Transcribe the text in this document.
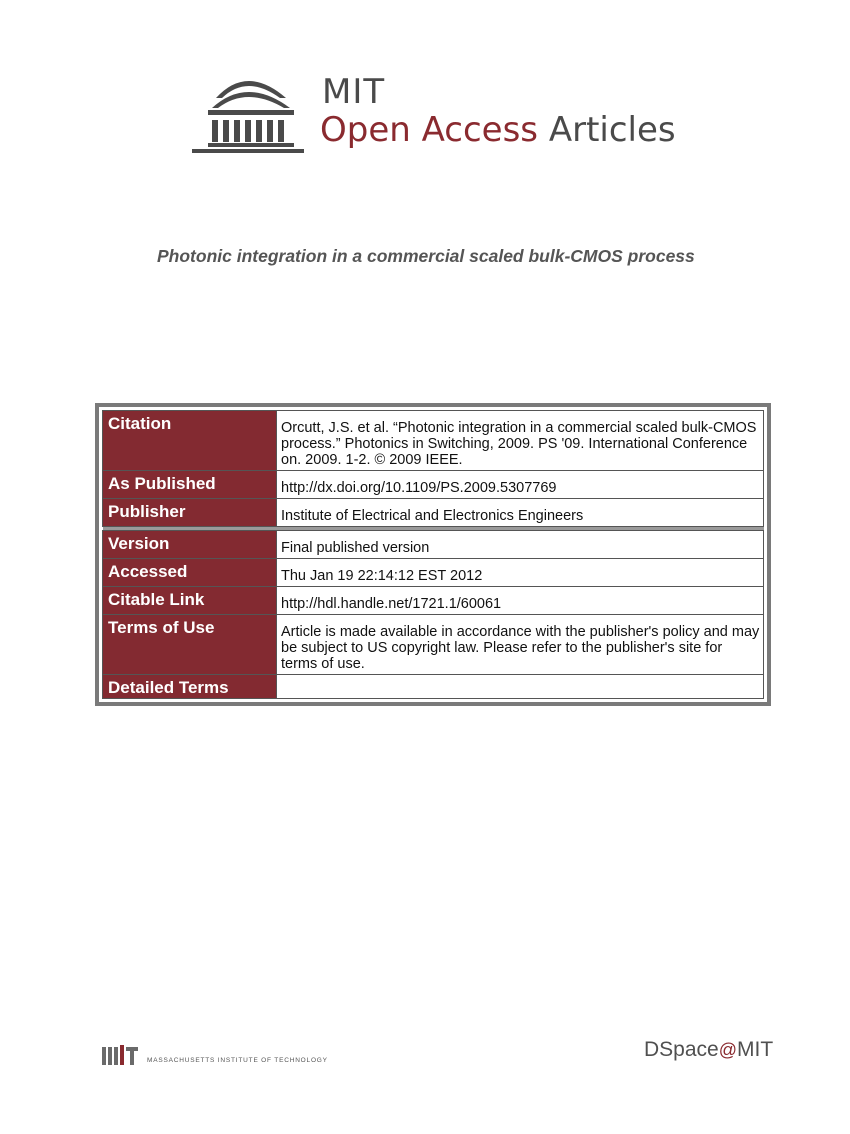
MIT
Open Access Articles
Photonic integration in a commercial scaled bulk-CMOS process
Citation	Orcutt, J.S. et al. “Photonic integration in a commercial scaled bulk-CMOS process.” Photonics in Switching, 2009. PS '09. International Conference on. 2009. 1-2. © 2009 IEEE.
As Published	http://dx.doi.org/10.1109/PS.2009.5307769
Publisher	Institute of Electrical and Electronics Engineers

Version	Final published version
Accessed	Thu Jan 19 22:14:12 EST 2012
Citable Link	http://hdl.handle.net/1721.1/60061
Terms of Use	Article is made available in accordance with the publisher's policy and may be subject to US copyright law. Please refer to the publisher's site for terms of use.
Detailed Terms	
MASSACHUSETTS INSTITUTE OF TECHNOLOGY	DSpace@MIT
